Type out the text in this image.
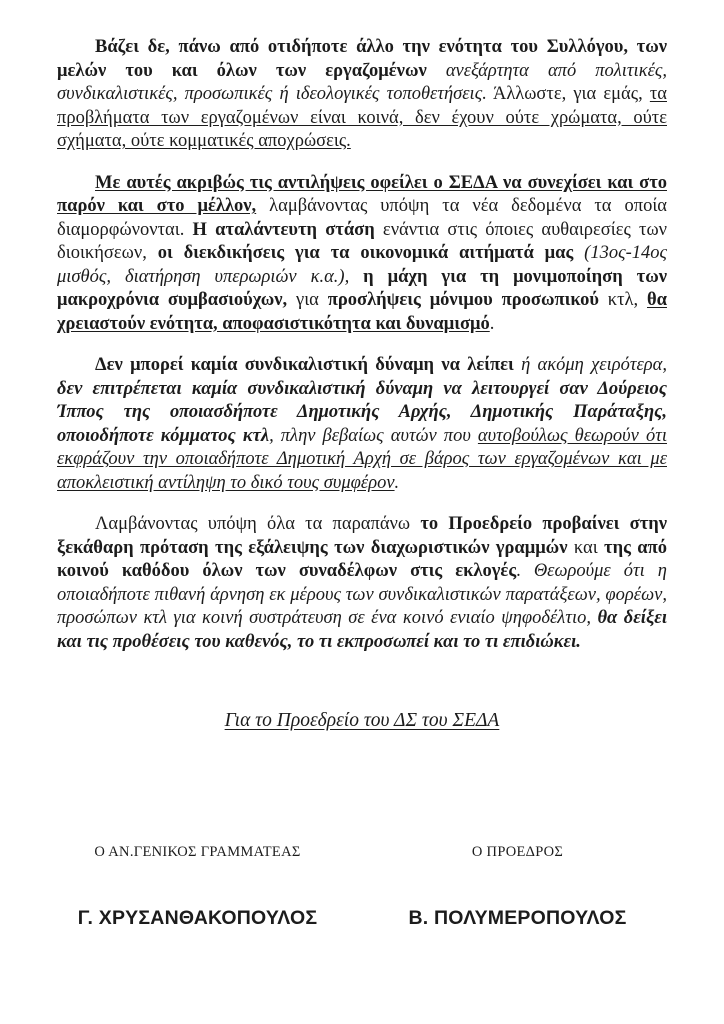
Βάζει δε, πάνω από οτιδήποτε άλλο την ενότητα του Συλλόγου, των μελών του και όλων των εργαζομένων ανεξάρτητα από πολιτικές, συνδικαλιστικές, προσωπικές ή ιδεολογικές τοποθετήσεις. Άλλωστε, για εμάς, τα προβλήματα των εργαζομένων είναι κοινά, δεν έχουν ούτε χρώματα, ούτε σχήματα, ούτε κομματικές αποχρώσεις.

Με αυτές ακριβώς τις αντιλήψεις οφείλει ο ΣΕΔΑ να συνεχίσει και στο παρόν και στο μέλλον, λαμβάνοντας υπόψη τα νέα δεδομένα τα οποία διαμορφώνονται. Η αταλάντευτη στάση ενάντια στις όποιες αυθαιρεσίες των διοικήσεων, οι διεκδικήσεις για τα οικονομικά αιτήματά μας (13ος-14ος μισθός, διατήρηση υπερωριών κ.α.), η μάχη για τη μονιμοποίηση των μακροχρόνια συμβασιούχων, για προσλήψεις μόνιμου προσωπικού κτλ, θα χρειαστούν ενότητα, αποφασιστικότητα και δυναμισμό.

Δεν μπορεί καμία συνδικαλιστική δύναμη να λείπει ή ακόμη χειρότερα, δεν επιτρέπεται καμία συνδικαλιστική δύναμη να λειτουργεί σαν Δούρειος Ίππος της οποιασδήποτε Δημοτικής Αρχής, Δημοτικής Παράταξης, οποιοδήποτε κόμματος κτλ, πλην βεβαίως αυτών που αυτοβούλως θεωρούν ότι εκφράζουν την οποιαδήποτε Δημοτική Αρχή σε βάρος των εργαζομένων και με αποκλειστική αντίληψη το δικό τους συμφέρον.

Λαμβάνοντας υπόψη όλα τα παραπάνω το Προεδρείο προβαίνει στην ξεκάθαρη πρόταση της εξάλειψης των διαχωριστικών γραμμών και της από κοινού καθόδου όλων των συναδέλφων στις εκλογές. Θεωρούμε ότι η οποιαδήποτε πιθανή άρνηση εκ μέρους των συνδικαλιστικών παρατάξεων, φορέων, προσώπων κτλ για κοινή συστράτευση σε ένα κοινό ενιαίο ψηφοδέλτιο, θα δείξει και τις προθέσεις του καθενός, το τι εκπροσωπεί και το τι επιδιώκει.

Για το Προεδρείο του ΔΣ του ΣΕΔΑ
Ο ΑΝ.ΓΕΝΙΚΟΣ ΓΡΑΜΜΑΤΕΑΣ
Γ. ΧΡΥΣΑΝΘΑΚΟΠΟΥΛΟΣ
Ο ΠΡΟΕΔΡΟΣ
Β. ΠΟΛΥΜΕΡΟΠΟΥΛΟΣ
